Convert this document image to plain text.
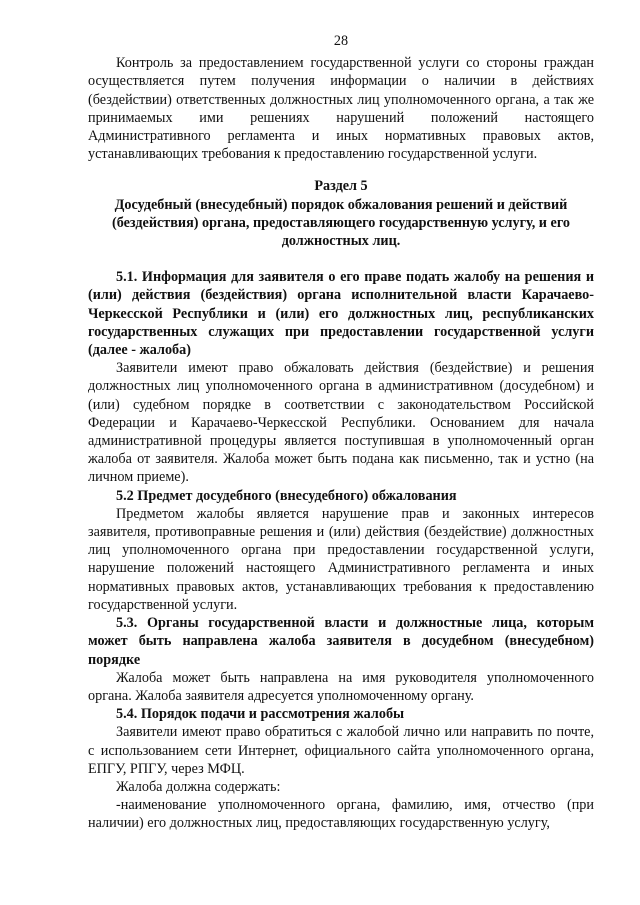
28

Контроль за предоставлением государственной услуги со стороны граждан осуществляется путем получения информации о наличии в действиях (бездействии) ответственных должностных лиц уполномоченного органа, а так же принимаемых ими решениях нарушений положений настоящего Административного регламента и иных нормативных правовых актов, устанавливающих требования к предоставлению государственной услуги.

Раздел 5
Досудебный (внесудебный) порядок обжалования решений и действий (бездействия) органа, предоставляющего государственную услугу, и его должностных лиц.

5.1. Информация для заявителя о его праве подать жалобу на решения и (или) действия (бездействия) органа исполнительной власти Карачаево-Черкесской Республики и (или) его должностных лиц, республиканских государственных служащих при предоставлении государственной услуги (далее - жалоба)

Заявители имеют право обжаловать действия (бездействие) и решения должностных лиц уполномоченного органа в административном (досудебном) и (или) судебном порядке в соответствии с законодательством Российской Федерации и Карачаево-Черкесской Республики. Основанием для начала административной процедуры является поступившая в уполномоченный орган жалоба от заявителя. Жалоба может быть подана как письменно, так и устно (на личном приеме).

5.2 Предмет досудебного (внесудебного) обжалования

Предметом жалобы является нарушение прав и законных интересов заявителя, противоправные решения и (или) действия (бездействие) должностных лиц уполномоченного органа при предоставлении государственной услуги, нарушение положений настоящего Административного регламента и иных нормативных правовых актов, устанавливающих требования к предоставлению государственной услуги.

5.3. Органы государственной власти и должностные лица, которым может быть направлена жалоба заявителя в досудебном (внесудебном) порядке

Жалоба может быть направлена на имя руководителя уполномоченного органа. Жалоба заявителя адресуется уполномоченному органу.

5.4. Порядок подачи и рассмотрения жалобы

Заявители имеют право обратиться с жалобой лично или направить по почте, с использованием сети Интернет, официального сайта уполномоченного органа, ЕПГУ, РПГУ, через МФЦ.

Жалоба должна содержать:

-наименование уполномоченного органа, фамилию, имя, отчество (при наличии) его должностных лиц, предоставляющих государственную услугу,
